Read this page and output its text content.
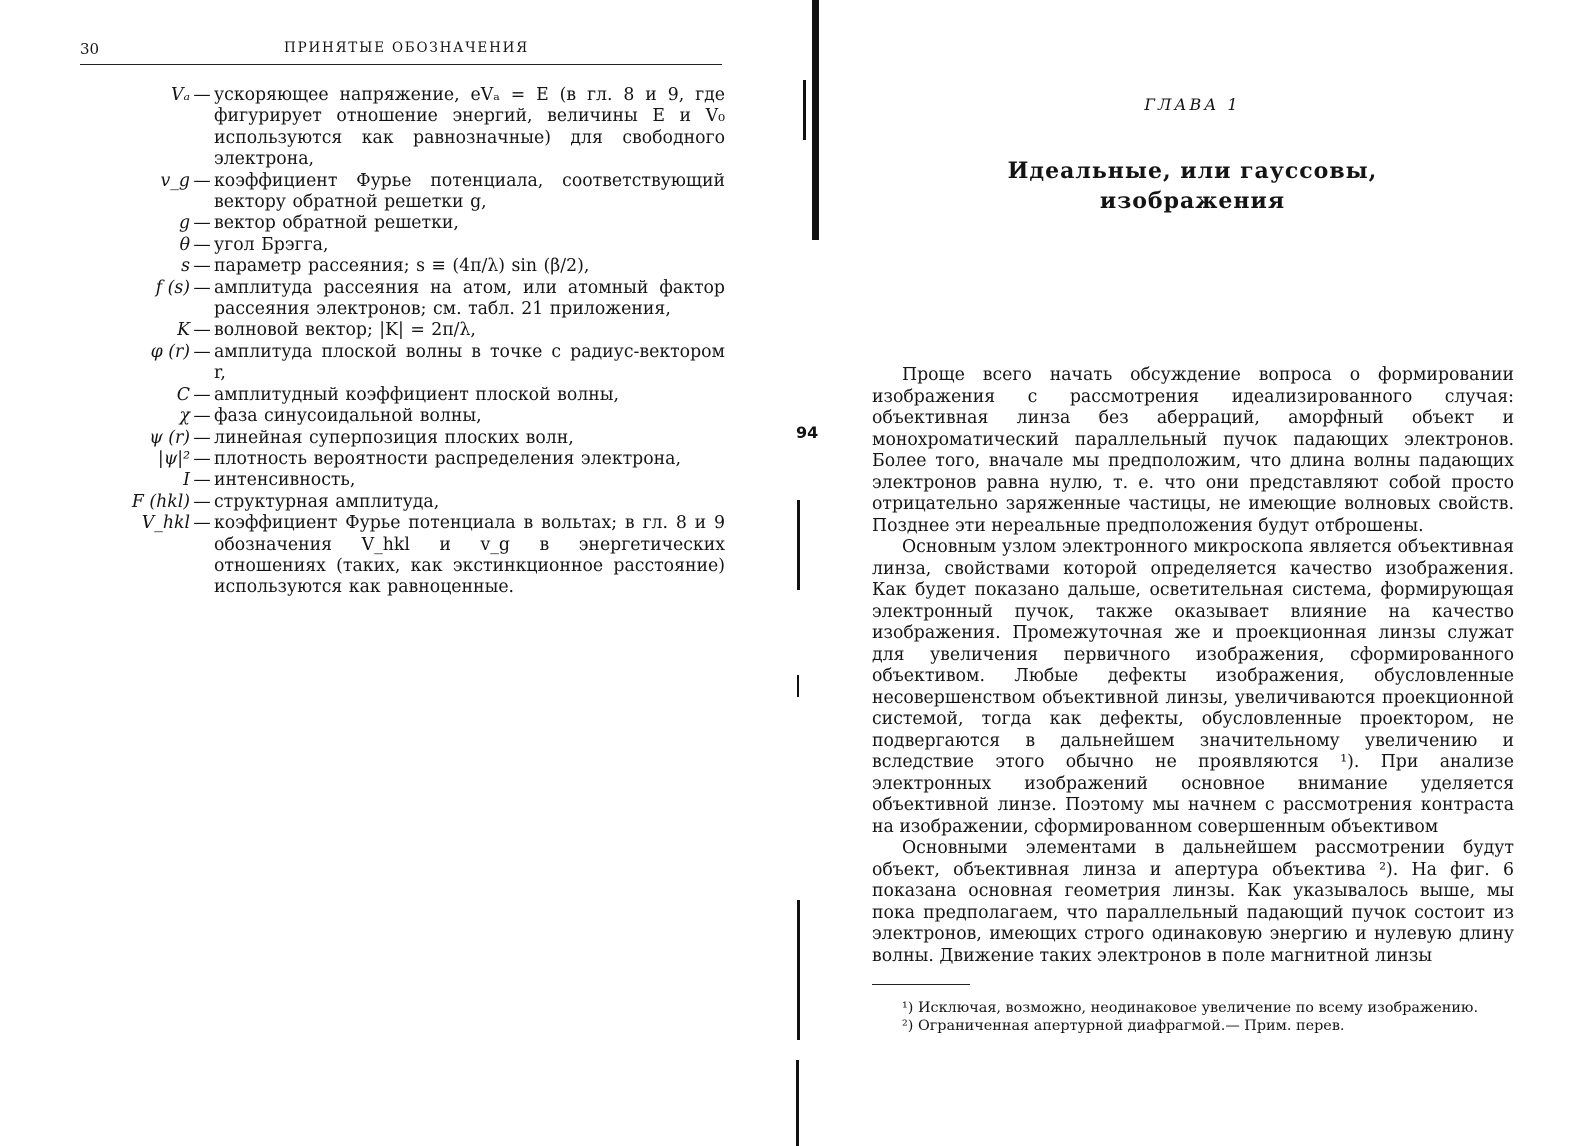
30	ПРИНЯТЫЕ ОБОЗНАЧЕНИЯ
Vₐ — ускоряющее напряжение, eVₐ = E (в гл. 8 и 9, где фигурирует отношение энергий, величины E и V₀ используются как равнозначные) для свободного электрона,
v_g — коэффициент Фурье потенциала, соответствующий вектору обратной решетки g,
g — вектор обратной решетки,
θ — угол Брэгга,
s — параметр рассеяния; s ≡ (4π/λ) sin (β/2),
f (s) — амплитуда рассеяния на атом, или атомный фактор рассеяния электронов; см. табл. 21 приложения,
K — волновой вектор; |K| = 2π/λ,
φ (r) — амплитуда плоской волны в точке с радиус-вектором r,
C — амплитудный коэффициент плоской волны,
χ — фаза синусоидальной волны,
ψ (r) — линейная суперпозиция плоских волн,
|ψ|² — плотность вероятности распределения электрона,
I — интенсивность,
F (hkl) — структурная амплитуда,
V_hkl — коэффициент Фурье потенциала в вольтах; в гл. 8 и 9 обозначения V_hkl и v_g в энергетических отношениях (таких, как экстинкционное расстояние) используются как равноценные.
94
ГЛАВА 1
Идеальные, или гауссовы,
изображения

Проще всего начать обсуждение вопроса о формировании изображения с рассмотрения идеализированного случая: объективная линза без аберраций, аморфный объект и монохроматический параллельный пучок падающих электронов. Более того, вначале мы предположим, что длина волны падающих электронов равна нулю, т. е. что они представляют собой просто отрицательно заряженные частицы, не имеющие волновых свойств. Позднее эти нереальные предположения будут отброшены.

Основным узлом электронного микроскопа является объективная линза, свойствами которой определяется качество изображения. Как будет показано дальше, осветительная система, формирующая электронный пучок, также оказывает влияние на качество изображения. Промежуточная же и проекционная линзы служат для увеличения первичного изображения, сформированного объективом. Любые дефекты изображения, обусловленные несовершенством объективной линзы, увеличиваются проекционной системой, тогда как дефекты, обусловленные проектором, не подвергаются в дальнейшем значительному увеличению и вследствие этого обычно не проявляются ¹). При анализе электронных изображений основное внимание уделяется объективной линзе. Поэтому мы начнем с рассмотрения контраста на изображении, сформированном совершенным объективом

Основными элементами в дальнейшем рассмотрении будут объект, объективная линза и апертура объектива ²). На фиг. 6 показана основная геометрия линзы. Как указывалось выше, мы пока предполагаем, что параллельный падающий пучок состоит из электронов, имеющих строго одинаковую энергию и нулевую длину волны. Движение таких электронов в поле магнитной линзы

¹) Исключая, возможно, неодинаковое увеличение по всему изображению.

²) Ограниченная апертурной диафрагмой.— Прим. перев.
